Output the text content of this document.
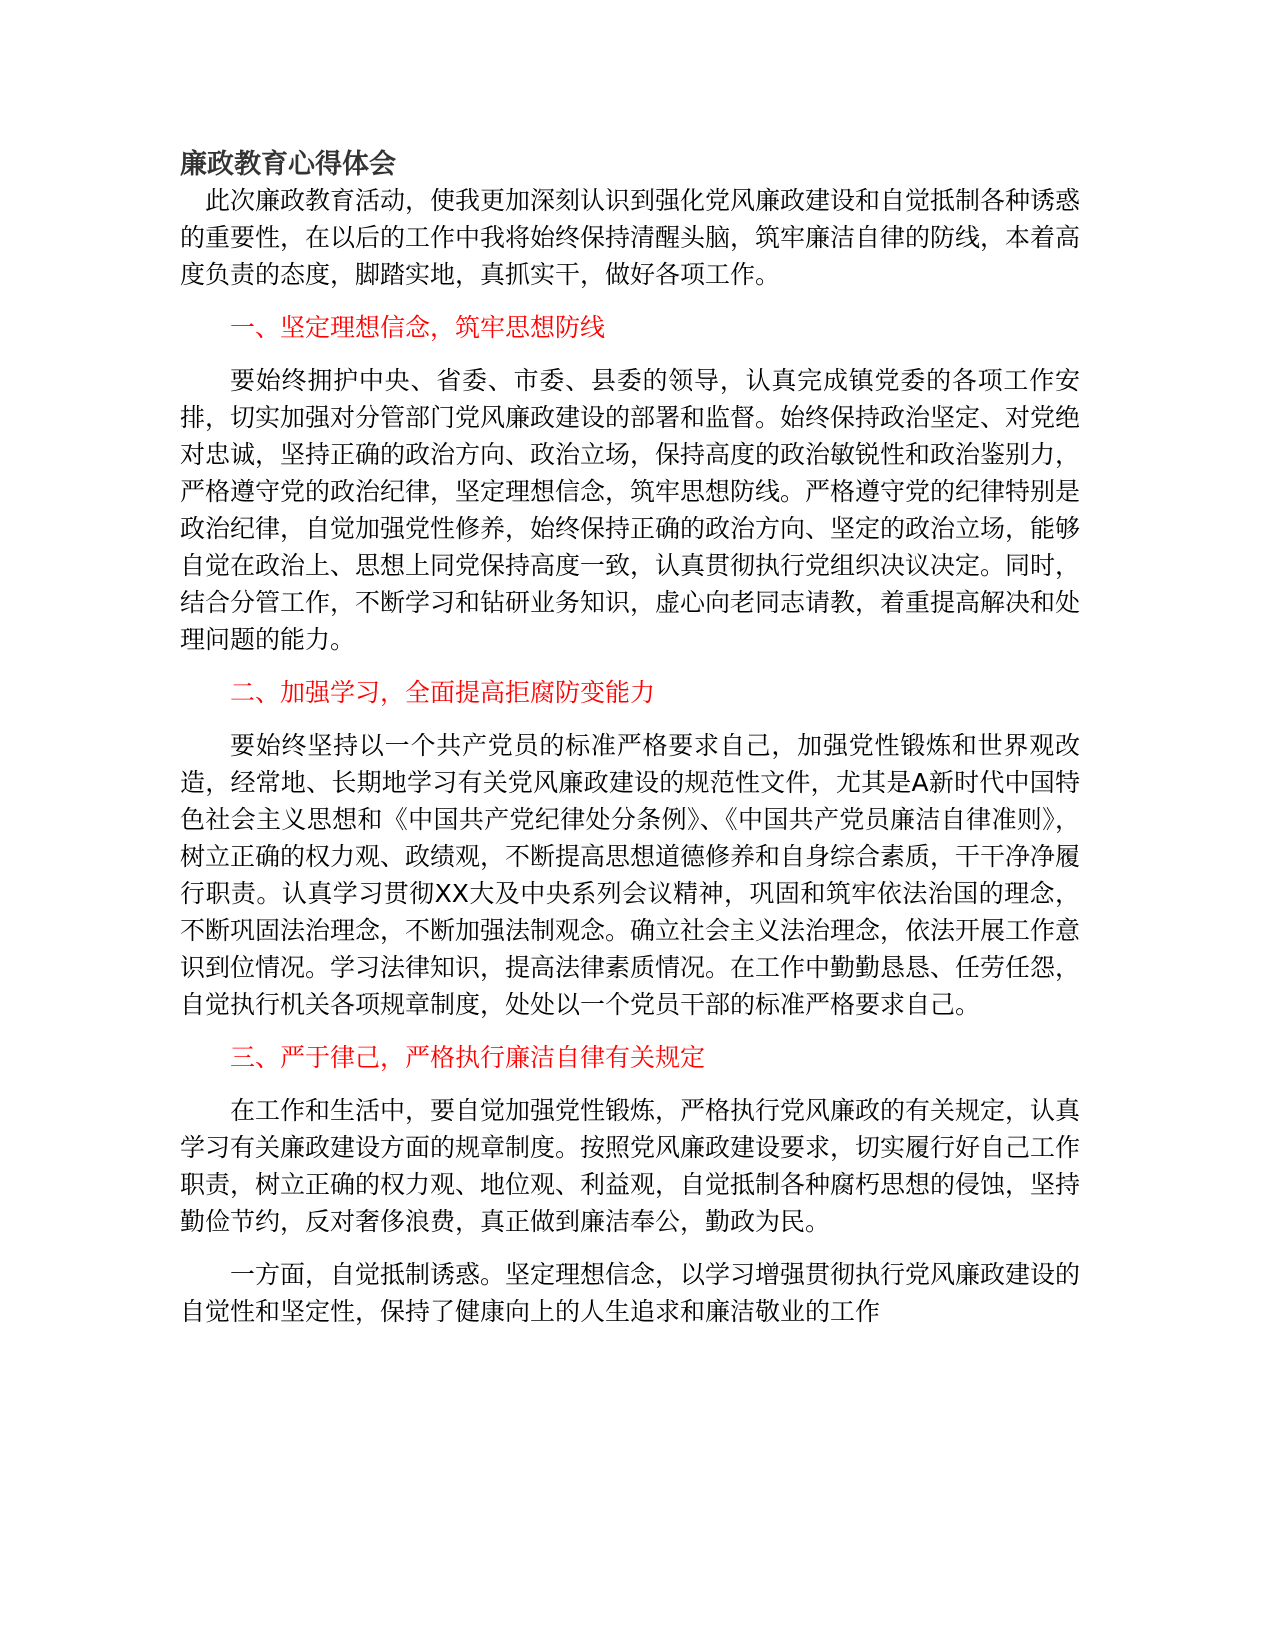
廉政教育心得体会

此次廉政教育活动，使我更加深刻认识到强化党风廉政建设和自觉抵制各种诱惑的重要性，在以后的工作中我将始终保持清醒头脑，筑牢廉洁自律的防线，本着高度负责的态度，脚踏实地，真抓实干，做好各项工作。

一、坚定理想信念，筑牢思想防线

要始终拥护中央、省委、市委、县委的领导，认真完成镇党委的各项工作安排，切实加强对分管部门党风廉政建设的部署和监督。始终保持政治坚定、对党绝对忠诚，坚持正确的政治方向、政治立场，保持高度的政治敏锐性和政治鉴别力，严格遵守党的政治纪律，坚定理想信念，筑牢思想防线。严格遵守党的纪律特别是政治纪律，自觉加强党性修养，始终保持正确的政治方向、坚定的政治立场，能够自觉在政治上、思想上同党保持高度一致，认真贯彻执行党组织决议决定。同时，结合分管工作，不断学习和钻研业务知识，虚心向老同志请教，着重提高解决和处理问题的能力。

二、加强学习，全面提高拒腐防变能力

要始终坚持以一个共产党员的标准严格要求自己，加强党性锻炼和世界观改造，经常地、长期地学习有关党风廉政建设的规范性文件，尤其是A新时代中国特色社会主义思想和《中国共产党纪律处分条例》、《中国共产党员廉洁自律准则》，树立正确的权力观、政绩观，不断提高思想道德修养和自身综合素质，干干净净履行职责。认真学习贯彻XX大及中央系列会议精神，巩固和筑牢依法治国的理念，不断巩固法治理念，不断加强法制观念。确立社会主义法治理念，依法开展工作意识到位情况。学习法律知识，提高法律素质情况。在工作中勤勤恳恳、任劳任怨，自觉执行机关各项规章制度，处处以一个党员干部的标准严格要求自己。

三、严于律己，严格执行廉洁自律有关规定

在工作和生活中，要自觉加强党性锻炼，严格执行党风廉政的有关规定，认真学习有关廉政建设方面的规章制度。按照党风廉政建设要求，切实履行好自己工作职责，树立正确的权力观、地位观、利益观，自觉抵制各种腐朽思想的侵蚀，坚持勤俭节约，反对奢侈浪费，真正做到廉洁奉公，勤政为民。

一方面，自觉抵制诱惑。坚定理想信念，以学习增强贯彻执行党风廉政建设的自觉性和坚定性，保持了健康向上的人生追求和廉洁敬业的工作
